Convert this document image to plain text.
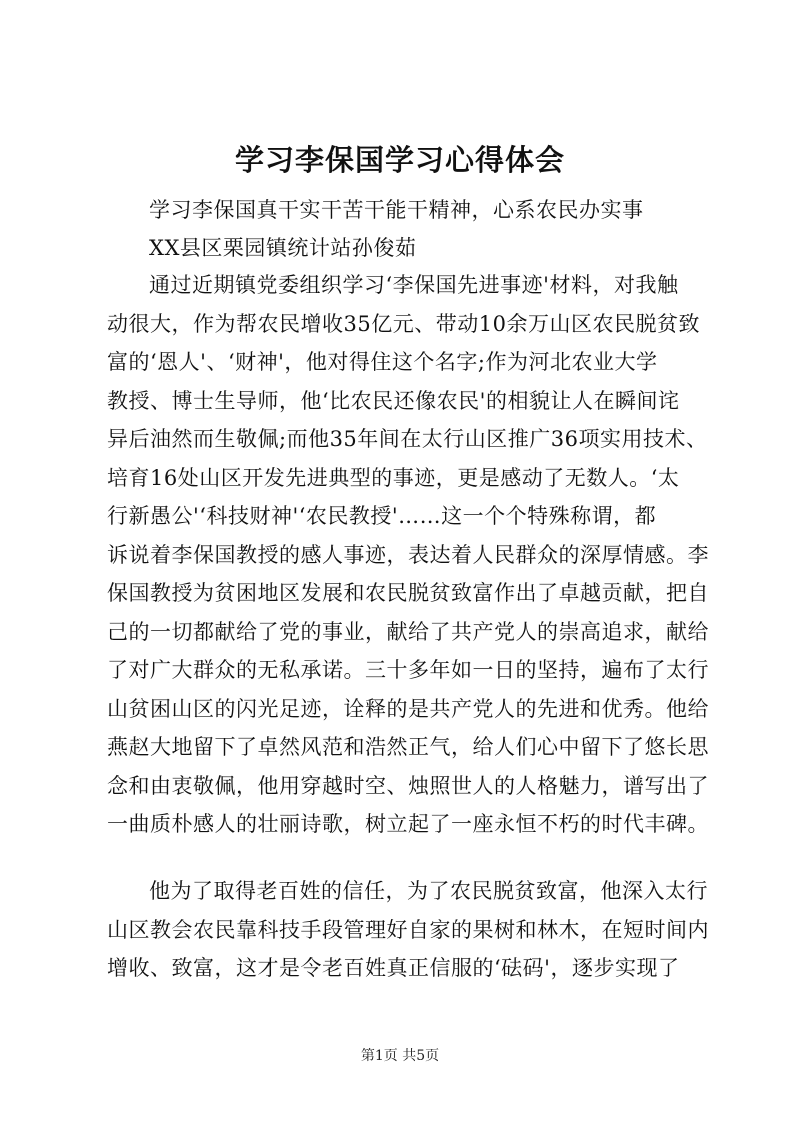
学习李保国学习心得体会
学习李保国真干实干苦干能干精神，心系农民办实事
XX县区栗园镇统计站孙俊茹
通过近期镇党委组织学习‘李保国先进事迹'材料，对我触
动很大，作为帮农民增收35亿元、带动10余万山区农民脱贫致
富的‘恩人'、‘财神'，他对得住这个名字;作为河北农业大学
教授、博士生导师，他‘比农民还像农民'的相貌让人在瞬间诧
异后油然而生敬佩;而他35年间在太行山区推广36项实用技术、
培育16处山区开发先进典型的事迹，更是感动了无数人。‘太
行新愚公'‘科技财神'‘农民教授'……这一个个特殊称谓，都
诉说着李保国教授的感人事迹，表达着人民群众的深厚情感。李
保国教授为贫困地区发展和农民脱贫致富作出了卓越贡献，把自
己的一切都献给了党的事业，献给了共产党人的崇高追求，献给
了对广大群众的无私承诺。三十多年如一日的坚持，遍布了太行
山贫困山区的闪光足迹，诠释的是共产党人的先进和优秀。他给
燕赵大地留下了卓然风范和浩然正气，给人们心中留下了悠长思
念和由衷敬佩，他用穿越时空、烛照世人的人格魅力，谱写出了
一曲质朴感人的壮丽诗歌，树立起了一座永恒不朽的时代丰碑。
他为了取得老百姓的信任，为了农民脱贫致富，他深入太行
山区教会农民靠科技手段管理好自家的果树和林木，在短时间内
增收、致富，这才是令老百姓真正信服的‘砝码'，逐步实现了
第1页 共5页
